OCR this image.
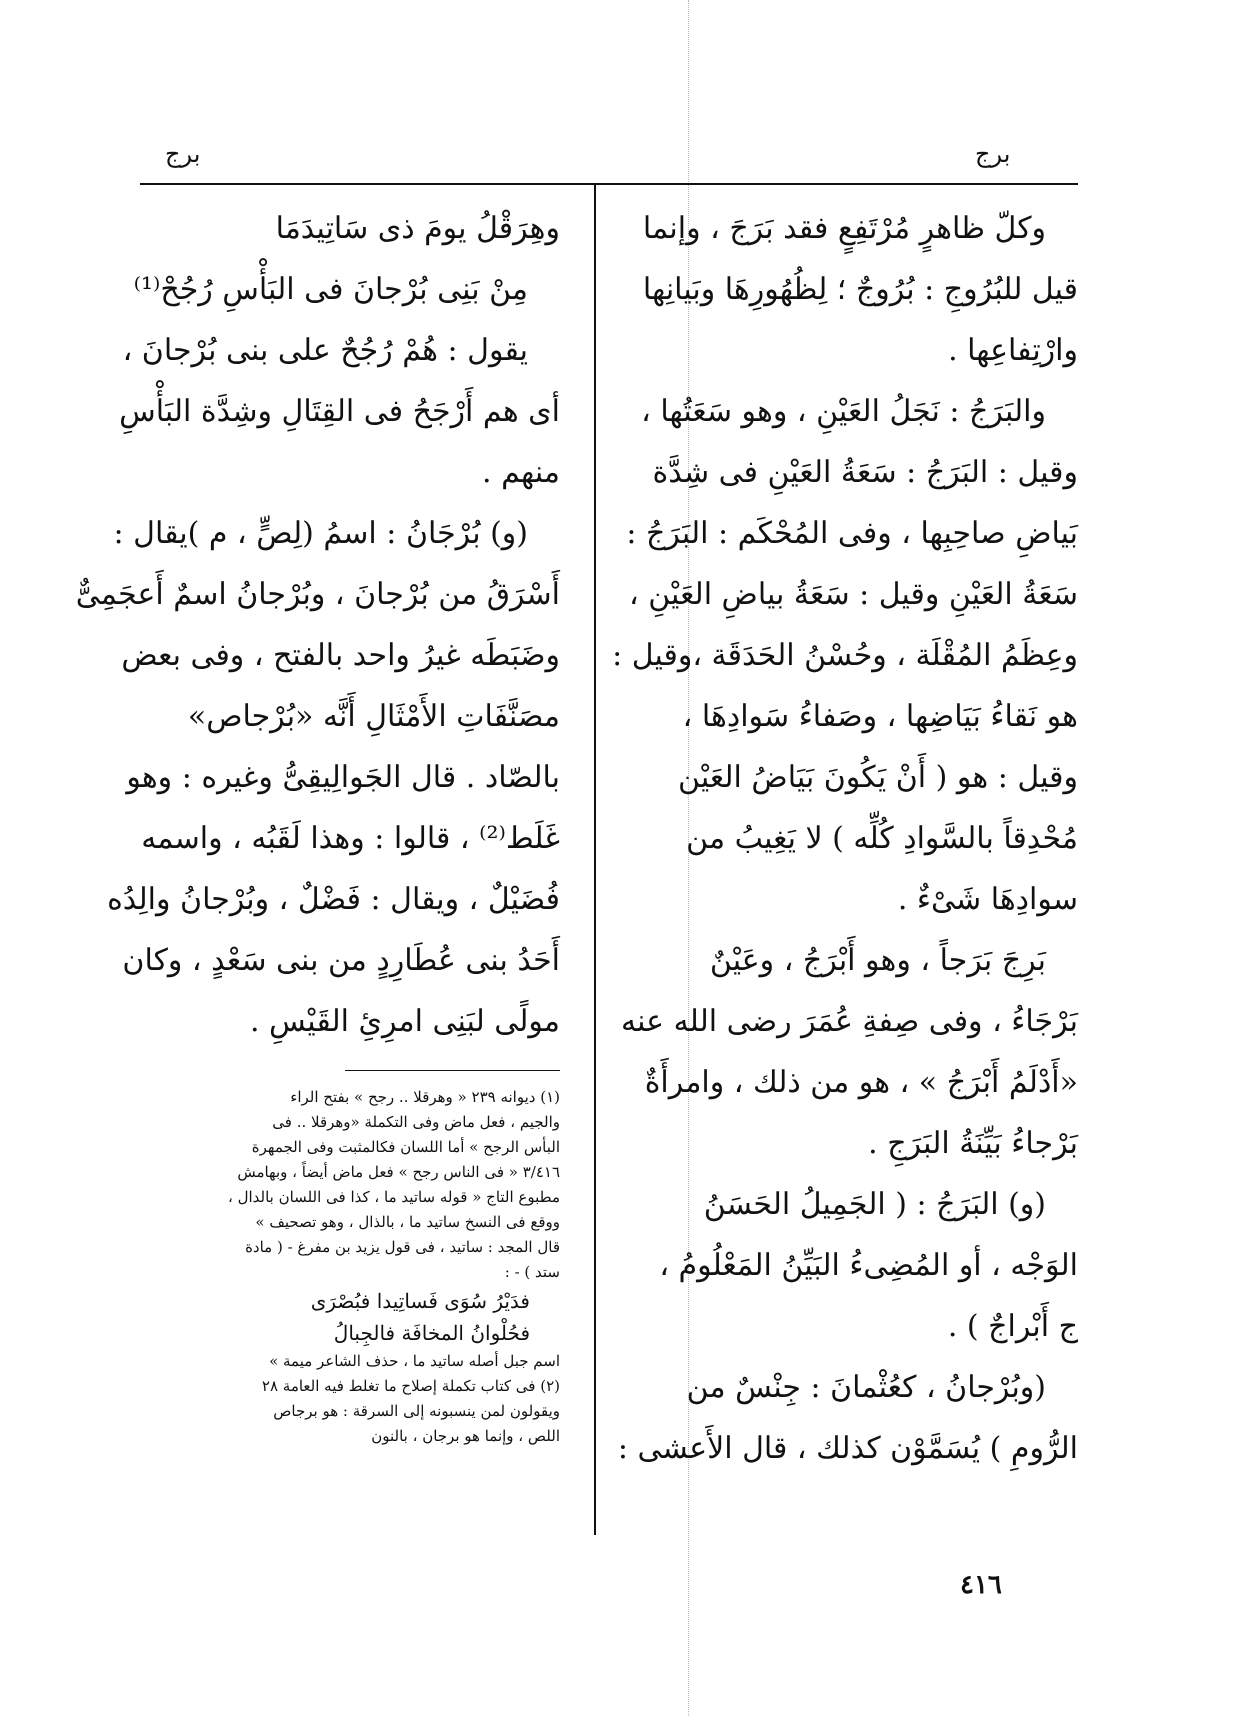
برج
برج
وكلّ ظاهرٍ مُرْتَفِعٍ فقد بَرَجَ ، وإنما
قيل للبُرُوجِ : بُرُوجٌ ؛ لِظُهُورِهَا وبَيانِها
وارْتِفاعِها .
والبَرَجُ : نَجَلُ العَيْنِ ، وهو سَعَتُها ،
وقيل : البَرَجُ : سَعَةُ العَيْنِ فى شِدَّة
بَياضِ صاحِبِها ، وفى المُحْكَم : البَرَجُ :
سَعَةُ العَيْنِ وقيل : سَعَةُ بياضِ العَيْنِ ،
وعِظَمُ المُقْلَة ، وحُسْنُ الحَدَقَة ،وقيل :
هو نَقاءُ بَيَاضِها ، وصَفاءُ سَوادِهَا ،
وقيل : هو ( أَنْ يَكُونَ بَيَاضُ العَيْن
مُحْدِقاً بالسَّوادِ كُلِّه ) لا يَغِيبُ من
سوادِهَا شَىْءٌ .
بَرِجَ بَرَجاً ، وهو أَبْرَجُ ، وعَيْنٌ
بَرْجَاءُ ، وفى صِفةِ عُمَرَ رضى الله عنه
«أَدْلَمُ أَبْرَجُ » ، هو من ذلك ، وامرأَةٌ
بَرْجاءُ بَيِّنَةُ البَرَجِ .
(و) البَرَجُ : ( الجَمِيلُ الحَسَنُ
الوَجْه ، أو المُضِىءُ البَيِّنُ المَعْلُومُ ،
ج أَبْراجٌ ) .
(وبُرْجانُ ، كعُثْمانَ : جِنْسٌ من
الرُّومِ ) يُسَمَّوْن كذلك ، قال الأَعشى :
وهِرَقْلُ يومَ ذى سَاتِيدَمَا
مِنْ بَنِى بُرْجانَ فى البَأْسِ رُجُحْ⁽¹⁾
يقول : هُمْ رُجُحٌ على بنى بُرْجانَ ،
أى هم أَرْجَحُ فى القِتَالِ وشِدَّة البَأْسِ
منهم .
(و) بُرْجَانُ : اسمُ (لِصٍّ ، م )يقال :
أَسْرَقُ من بُرْجانَ ، وبُرْجانُ اسمٌ أَعجَمِىٌّ
وضَبَطَه غيرُ واحد بالفتح ، وفى بعض
مصَنَّفَاتِ الأَمْثَالِ أَنَّه «بُرْجاص»
بالصّاد . قال الجَوالِيقِىُّ وغيره : وهو
غَلَط⁽²⁾ ، قالوا : وهذا لَقَبُه ، واسمه
فُضَيْلٌ ، ويقال : فَضْلٌ ، وبُرْجانُ والِدُه
أَحَدُ بنى عُطَارِدٍ من بنى سَعْدٍ ، وكان
مولًى لبَنِى امرِئِ القَيْسِ .
(١) ديوانه ٢٣٩ « وهرقلا .. رجح » بفتح الراء
والجيم ، فعل ماض وفى التكملة «وهرقلا .. فى
البأس الرجح » أما اللسان فكالمثبت وفى الجمهرة
٣/٤١٦ « فى الناس رجح » فعل ماض أيضاً ، وبهامش
مطبوع التاج « قوله ساتيد ما ، كذا فى اللسان بالدال ،
ووقع فى النسخ ساتيد ما ، بالذال ، وهو تصحيف »
قال المجد : ساتيد ، فى قول يزيد بن مفرغ - ( مادة
ستد ) - :
فدَيْرُ سُوَى فَساتِيدا فبُصْرَى
فحُلْوانُ المخافَة فالجِبالُ
اسم جبل أصله ساتيد ما ، حذف الشاعر ميمة »
(٢) فى كتاب تكملة إصلاح ما تغلط فيه العامة ٢٨
ويقولون لمن ينسبونه إلى السرقة : هو برجاص
اللص ، وإنما هو برجان ، بالنون
٤١٦
